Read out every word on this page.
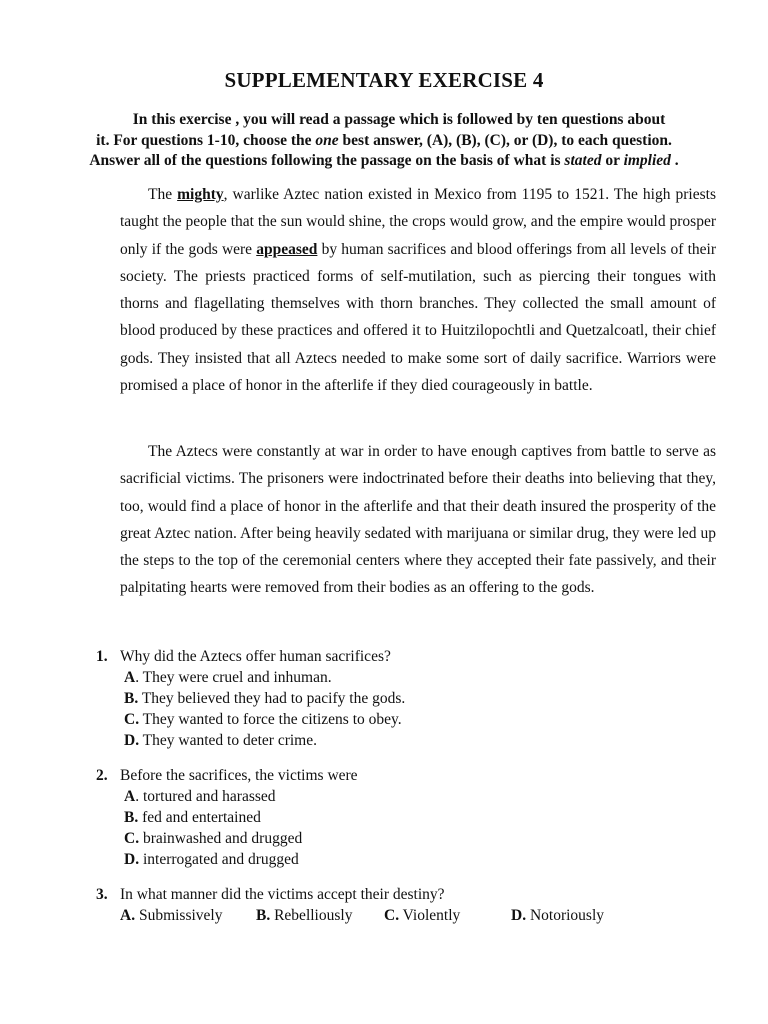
SUPPLEMENTARY EXERCISE 4
In this exercise , you will read a passage which is followed by ten questions about
it. For questions 1-10, choose the one best answer, (A), (B), (C), or (D), to each question.
Answer all of the questions following the passage on the basis of what is stated or implied .

The mighty, warlike Aztec nation existed in Mexico from 1195 to 1521. The high priests taught the people that the sun would shine, the crops would grow, and the empire would prosper only if the gods were appeased by human sacrifices and blood offerings from all levels of their society. The priests practiced forms of self-mutilation, such as piercing their tongues with thorns and flagellating themselves with thorn branches. They collected the small amount of blood produced by these practices and offered it to Huitzilopochtli and Quetzalcoatl, their chief gods. They insisted that all Aztecs needed to make some sort of daily sacrifice. Warriors were promised a place of honor in the afterlife if they died courageously in battle.

The Aztecs were constantly at war in order to have enough captives from battle to serve as sacrificial victims. The prisoners were indoctrinated before their deaths into believing that they, too, would find a place of honor in the afterlife and that their death insured the prosperity of the great Aztec nation. After being heavily sedated with marijuana or similar drug, they were led up the steps to the top of the ceremonial centers where they accepted their fate passively, and their palpitating hearts were removed from their bodies as an offering to the gods.

1. Why did the Aztecs offer human sacrifices?
A. They were cruel and inhuman.
B. They believed they had to pacify the gods.
C. They wanted to force the citizens to obey.
D. They wanted to deter crime.
2. Before the sacrifices, the victims were
A. tortured and harassed
B. fed and entertained
C. brainwashed and drugged
D. interrogated and drugged
3. In what manner did the victims accept their destiny?
A. Submissively B. Rebelliously C. Violently	D. Notoriously
